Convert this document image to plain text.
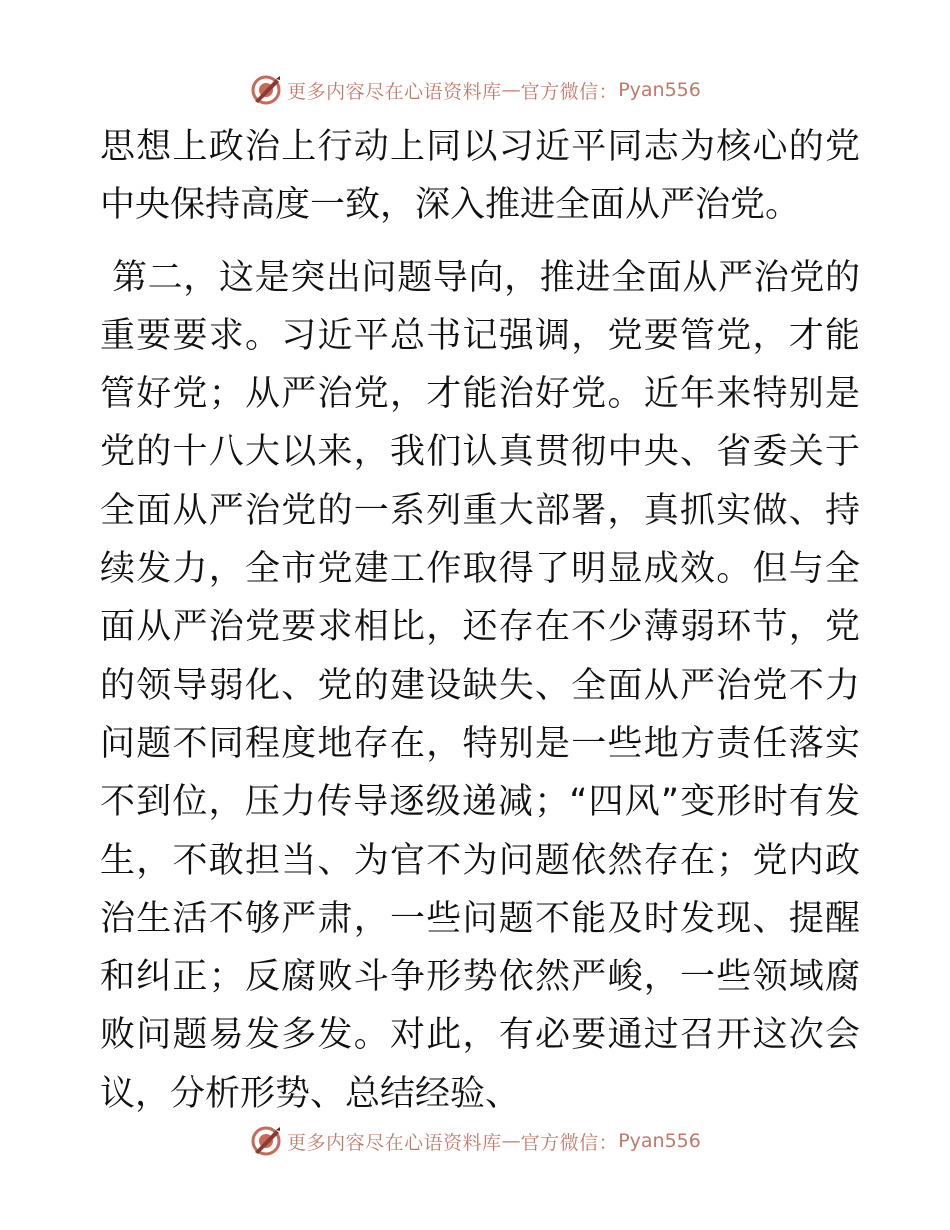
更多内容尽在心语资料库 — 官方微信： Pyan556

思想上政治上行动上同以习近平同志为核心的党中央保持高度一致，深入推进全面从严治党。

第二，这是突出问题导向，推进全面从严治党的重要要求。习近平总书记强调，党要管党，才能管好党；从严治党，才能治好党。近年来特别是党的十八大以来，我们认真贯彻中央、省委关于全面从严治党的一系列重大部署，真抓实做、持续发力，全市党建工作取得了明显成效。但与全面从严治党要求相比，还存在不少薄弱环节，党的领导弱化、党的建设缺失、全面从严治党不力问题不同程度地存在，特别是一些地方责任落实不到位，压力传导逐级递减；“四风”变形时有发生，不敢担当、为官不为问题依然存在；党内政治生活不够严肃，一些问题不能及时发现、提醒和纠正；反腐败斗争形势依然严峻，一些领域腐败问题易发多发。对此，有必要通过召开这次会议，分析形势、总结经验、

更多内容尽在心语资料库 — 官方微信： Pyan556
